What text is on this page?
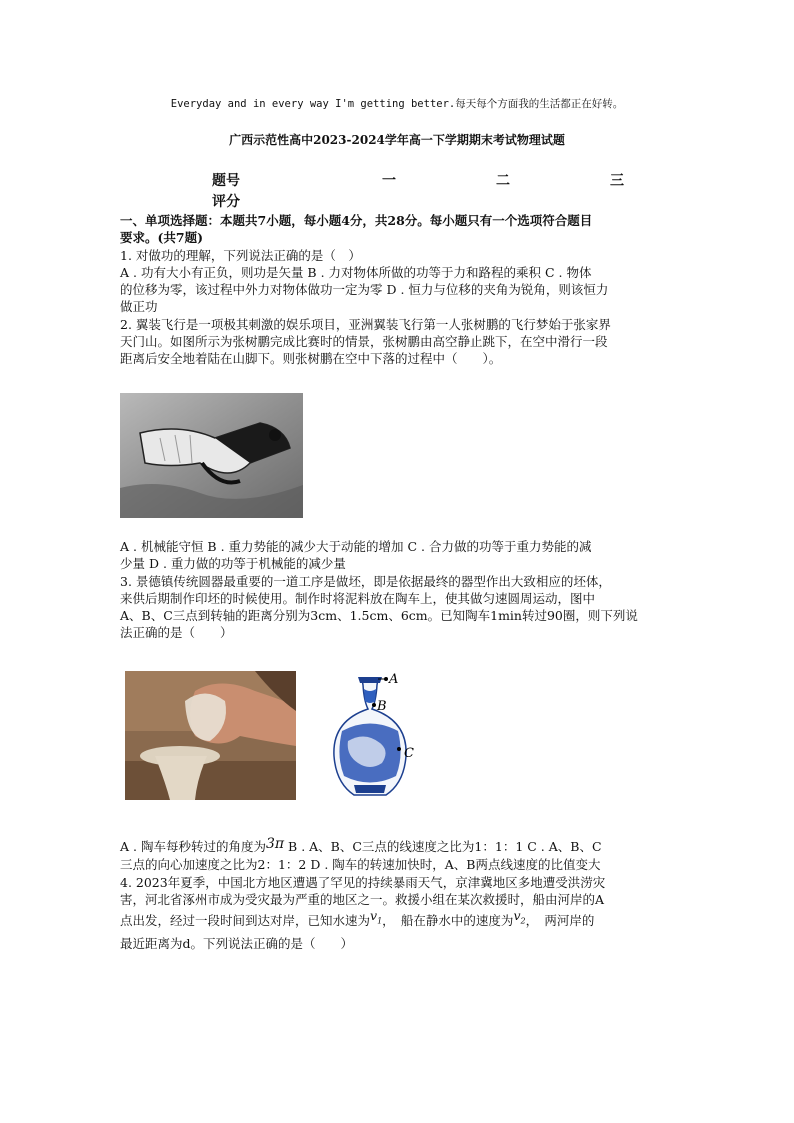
Everyday and in every way I'm getting better.每天每个方面我的生活都正在好转。
广西示范性高中2023-2024学年高一下学期期末考试物理试题
题号	一	二	三
评分

一、单项选择题：本题共7小题，每小题4分，共28分。每小题只有一个选项符合题目

要求。(共7题)

1. 对做功的理解，下列说法正确的是（　）

A . 功有大小有正负，则功是矢量 B . 力对物体所做的功等于力和路程的乘积 C . 物体

的位移为零，该过程中外力对物体做功一定为零 D . 恒力与位移的夹角为锐角，则该恒力

做正功

2. 翼装飞行是一项极其刺激的娱乐项目，亚洲翼装飞行第一人张树鹏的飞行梦始于张家界

天门山。如图所示为张树鹏完成比赛时的情景，张树鹏由高空静止跳下，在空中滑行一段

距离后安全地着陆在山脚下。则张树鹏在空中下落的过程中（　　）。

A . 机械能守恒 B . 重力势能的减少大于动能的增加 C . 合力做的功等于重力势能的减

少量 D . 重力做的功等于机械能的减少量

3. 景德镇传统圆器最重要的一道工序是做坯，即是依据最终的器型作出大致相应的坯体，

来供后期制作印坯的时候使用。制作时将泥料放在陶车上，使其做匀速圆周运动，图中

A、B、C三点到转轴的距离分别为3cm、1.5cm、6cm。已知陶车1min转过90圈，则下列说

法正确的是（　　）

A
B
C

A . 陶车每秒转过的角度为3π B . A、B、C三点的线速度之比为1：1：1 C . A、B、C

三点的向心加速度之比为2：1：2 D . 陶车的转速加快时，A、B两点线速度的比值变大

4. 2023年夏季，中国北方地区遭遇了罕见的持续暴雨天气，京津冀地区多地遭受洪涝灾

害，河北省涿州市成为受灾最为严重的地区之一。救援小组在某次救援时，船由河岸的A

点出发，经过一段时间到达对岸，已知水速为$v_1$，　船在静水中的速度为$v_2$，　两河岸的

最近距离为d。下列说法正确的是（　　）
